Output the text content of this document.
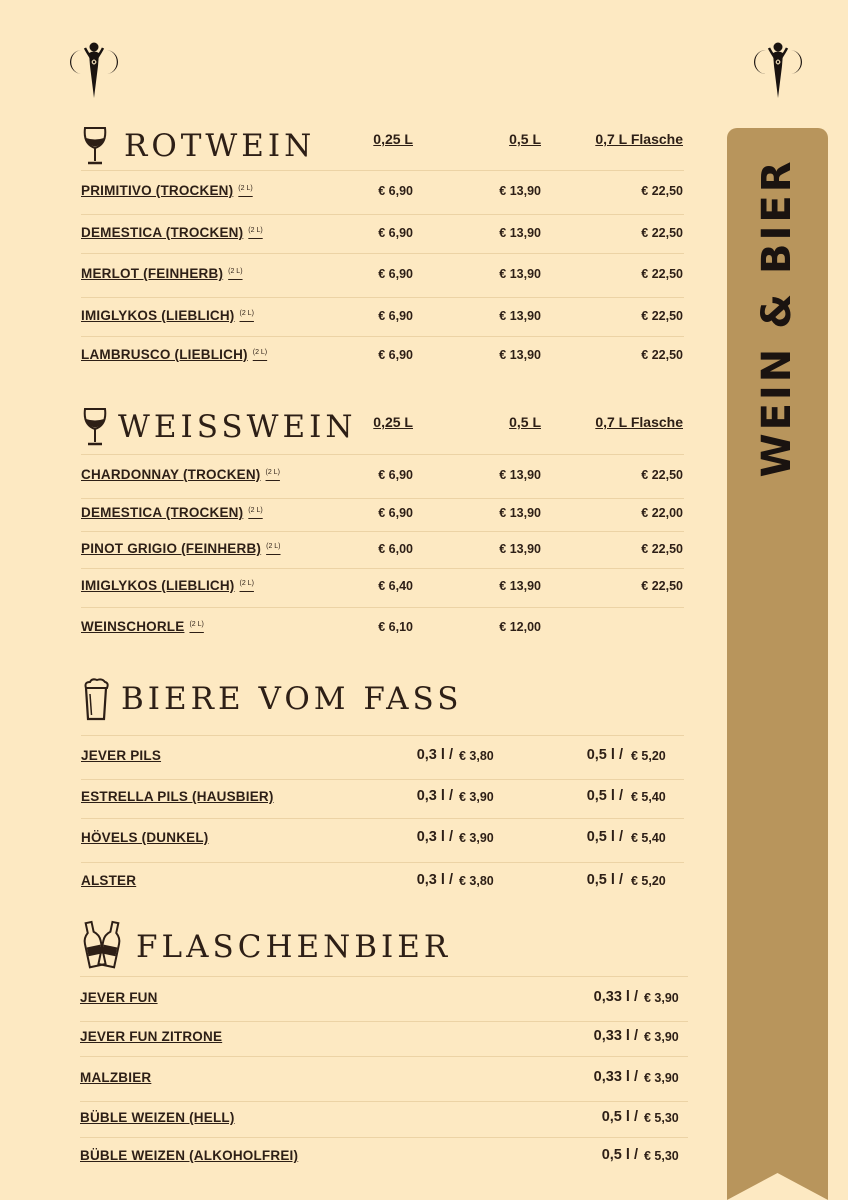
WEIN & BIER
ROTWEIN	0,25 L	0,5 L	0,7 L Flasche
PRIMITIVO (TROCKEN) $^{(2 L)}$	€ 6,90	€ 13,90	€ 22,50
DEMESTICA (TROCKEN) $^{(2 L)}$	€ 6,90	€ 13,90	€ 22,50
MERLOT (FEINHERB) $^{(2 L)}$	€ 6,90	€ 13,90	€ 22,50
IMIGLYKOS (LIEBLICH) $^{(2 L)}$	€ 6,90	€ 13,90	€ 22,50
LAMBRUSCO (LIEBLICH) $^{(2 L)}$	€ 6,90	€ 13,90	€ 22,50
WEISSWEIN	0,25 L	0,5 L	0,7 L Flasche
CHARDONNAY (TROCKEN) $^{(2 L)}$	€ 6,90	€ 13,90	€ 22,50
DEMESTICA (TROCKEN) $^{(2 L)}$	€ 6,90	€ 13,90	€ 22,00
PINOT GRIGIO (FEINHERB) $^{(2 L)}$	€ 6,00	€ 13,90	€ 22,50
IMIGLYKOS (LIEBLICH) $^{(2 L)}$	€ 6,40	€ 13,90	€ 22,50
WEINSCHORLE $^{(2 L)}$	€ 6,10	€ 12,00
BIERE VOM FASS
JEVER PILS	0,3 l / € 3,80	0,5 l / € 5,20
ESTRELLA PILS (HAUSBIER)	0,3 l / € 3,90	0,5 l / € 5,40
HÖVELS (DUNKEL)	0,3 l / € 3,90	0,5 l / € 5,40
ALSTER	0,3 l / € 3,80	0,5 l / € 5,20
FLASCHENBIER
JEVER FUN	0,33 l / € 3,90
JEVER FUN ZITRONE	0,33 l / € 3,90
MALZBIER	0,33 l / € 3,90
BÜBLE WEIZEN (HELL)	0,5 l / € 5,30
BÜBLE WEIZEN (ALKOHOLFREI)	0,5 l / € 5,30
